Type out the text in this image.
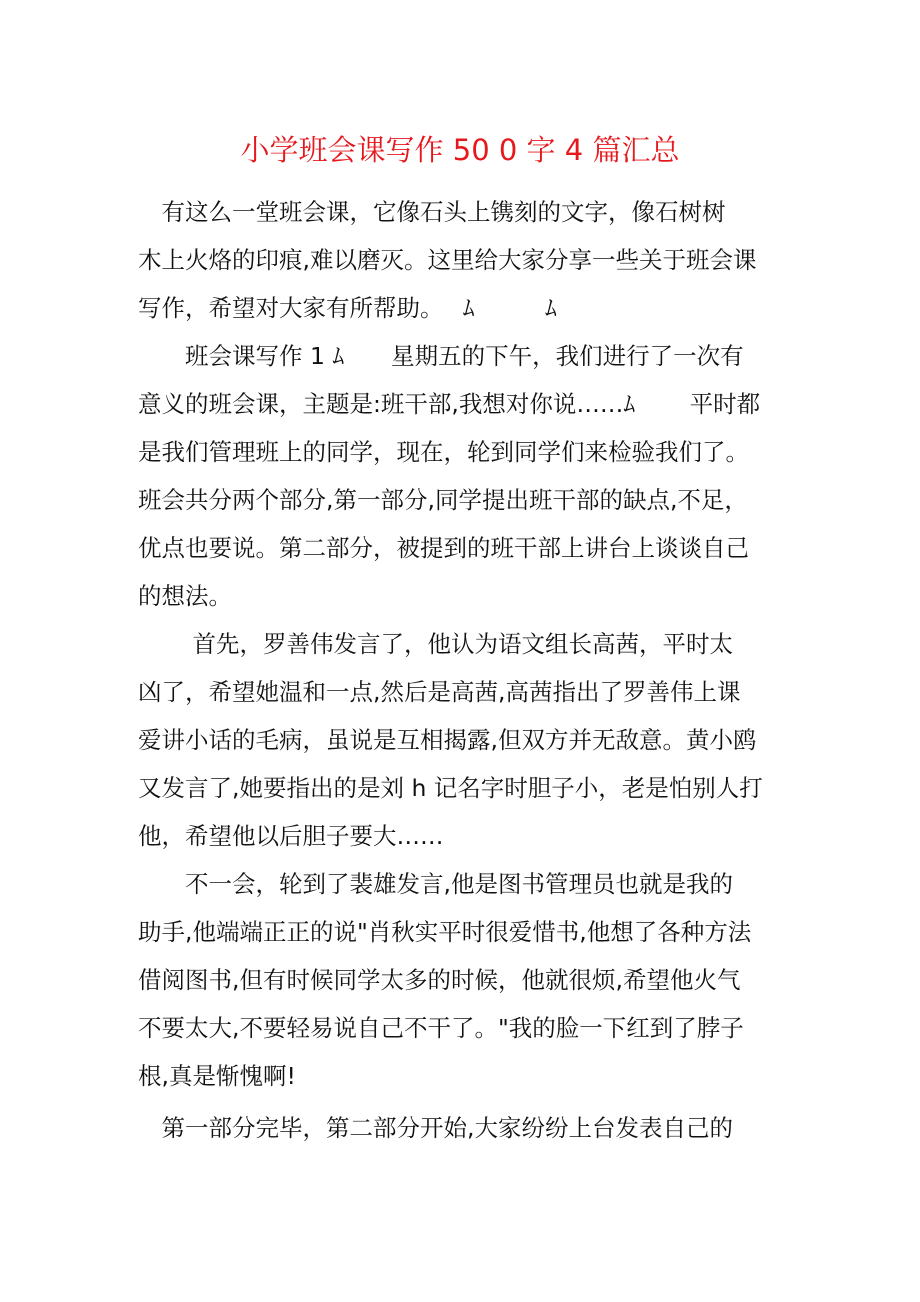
小学班会课写作 50 0 字 4 篇汇总

　有这么一堂班会课，它像石头上镌刻的文字，像石树树

木上火烙的印痕,难以磨灭。这里给大家分享一些关于班会课

写作，希望对大家有所帮助。　 ﾑ　　　ﾑ

　　班会课写作 1 ﾑ　　星期五的下午，我们进行了一次有

意义的班会课，主题是:班干部,我想对你说……ﾑ　　 平时都

是我们管理班上的同学，现在，轮到同学们来检验我们了。

班会共分两个部分,第一部分,同学提出班干部的缺点,不足，

优点也要说。第二部分，被提到的班干部上讲台上谈谈自己

的想法。

　　 首先，罗善伟发言了，他认为语文组长高茜，平时太

凶了，希望她温和一点,然后是高茜,高茜指出了罗善伟上课

爱讲小话的毛病，虽说是互相揭露,但双方并无敌意。黄小鸥

又发言了,她要指出的是刘 h 记名字时胆子小，老是怕别人打

他，希望他以后胆子要大……

　　不一会，轮到了裴雄发言,他是图书管理员也就是我的

助手,他端端正正的说"肖秋实平时很爱惜书,他想了各种方法

借阅图书,但有时候同学太多的时候，他就很烦,希望他火气

不要太大,不要轻易说自己不干了。"我的脸一下红到了脖子

根,真是惭愧啊!

　第一部分完毕，第二部分开始,大家纷纷上台发表自己的
